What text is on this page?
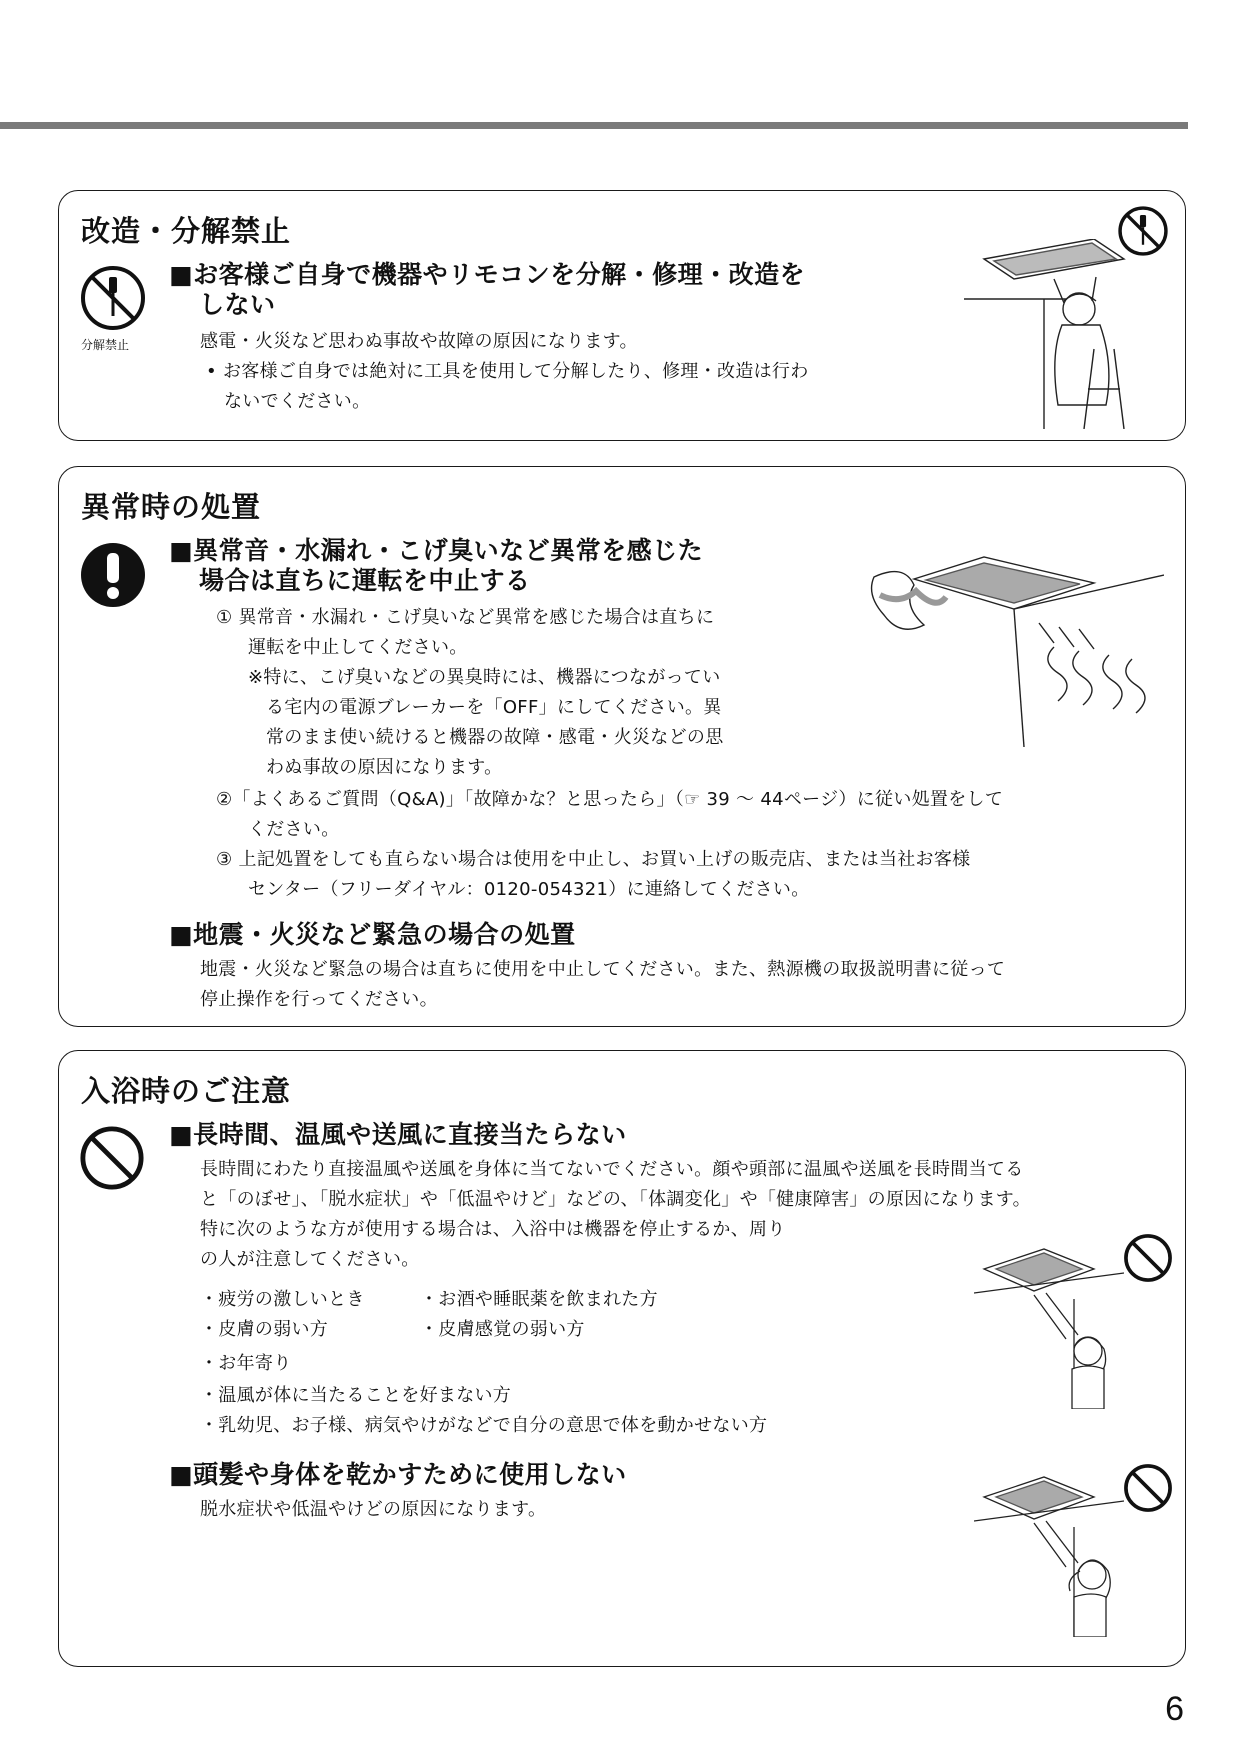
改造・分解禁止
分解禁止
■お客様ご自身で機器やリモコンを分解・修理・改造を
しない
感電・火災など思わぬ事故や故障の原因になります。
• お客様ご自身では絶対に工具を使用して分解したり、修理・改造は行わ
ないでください。
異常時の処置
■異常音・水漏れ・こげ臭いなど異常を感じた
場合は直ちに運転を中止する
① 異常音・水漏れ・こげ臭いなど異常を感じた場合は直ちに
運転を中止してください。
※特に、こげ臭いなどの異臭時には、機器につながってい
る宅内の電源ブレーカーを「OFF」にしてください。異
常のまま使い続けると機器の故障・感電・火災などの思
わぬ事故の原因になります。
②「よくあるご質問（Q&A)」「故障かな？と思ったら」（☞ 39 ～ 44ページ）に従い処置をして
ください。
③ 上記処置をしても直らない場合は使用を中止し、お買い上げの販売店、または当社お客様
センター（フリーダイヤル：0120-054321）に連絡してください。
■地震・火災など緊急の場合の処置
地震・火災など緊急の場合は直ちに使用を中止してください。また、熱源機の取扱説明書に従って
停止操作を行ってください。
入浴時のご注意
■長時間、温風や送風に直接当たらない
長時間にわたり直接温風や送風を身体に当てないでください。顔や頭部に温風や送風を長時間当てる
と「のぼせ」、「脱水症状」や「低温やけど」などの、「体調変化」や「健康障害」の原因になります。
特に次のような方が使用する場合は、入浴中は機器を停止するか、周り
の人が注意してください。
・疲労の激しいとき
・皮膚の弱い方
・お酒や睡眠薬を飲まれた方
・皮膚感覚の弱い方
・お年寄り
・温風が体に当たることを好まない方
・乳幼児、お子様、病気やけがなどで自分の意思で体を動かせない方
■頭髪や身体を乾かすために使用しない
脱水症状や低温やけどの原因になります。
6
